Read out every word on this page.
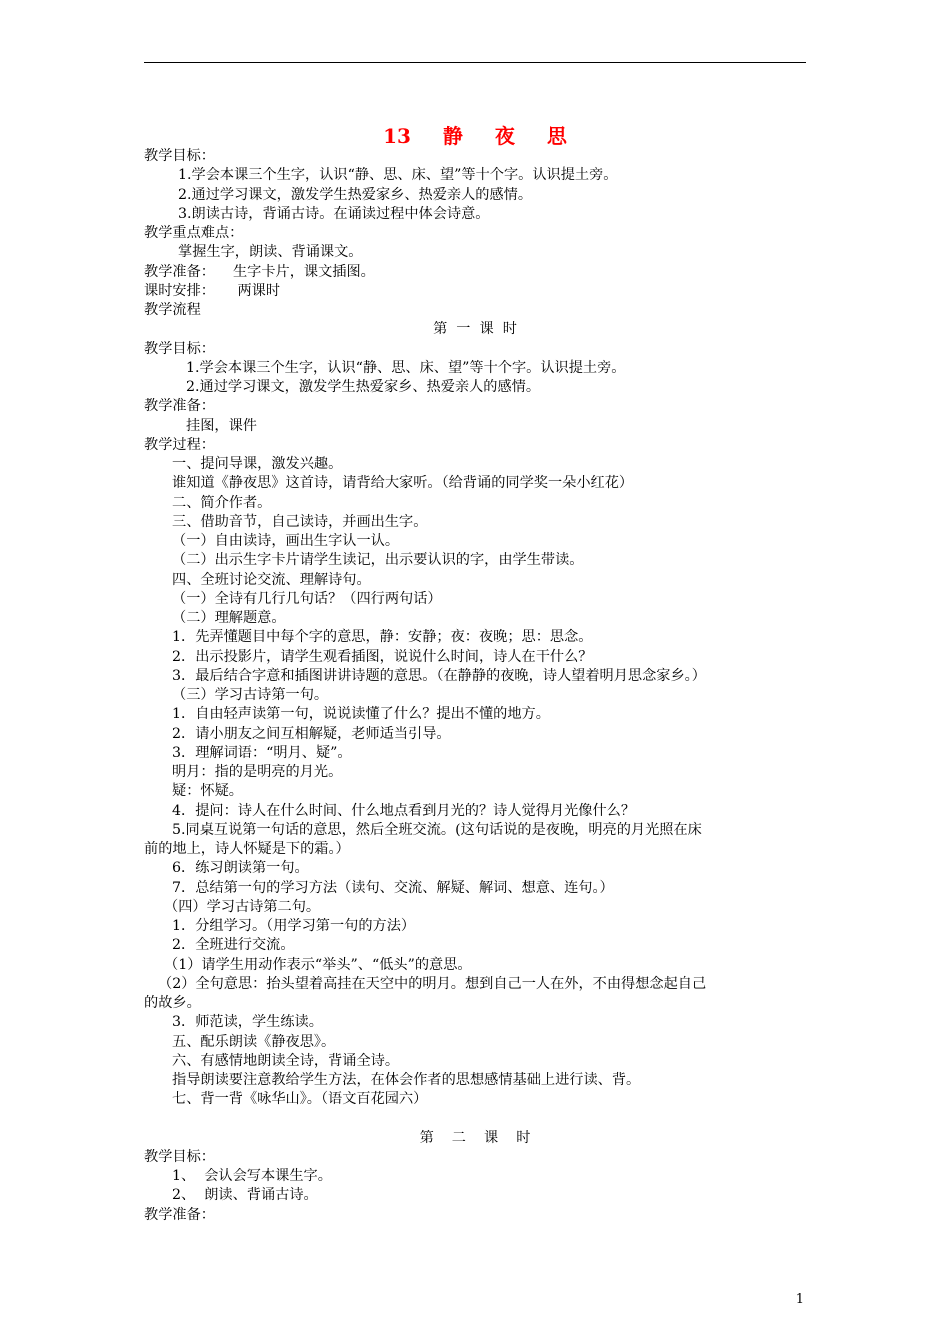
13 静 夜 思
教学目标：
1.学会本课三个生字，认识“静、思、床、望”等十个字。认识提土旁。
2.通过学习课文，激发学生热爱家乡、热爱亲人的感情。
3.朗读古诗，背诵古诗。在诵读过程中体会诗意。
教学重点难点：
掌握生字，朗读、背诵课文。
教学准备：    生字卡片，课文插图。
课时安排：     两课时
教学流程
第  一  课  时
教学目标：
1.学会本课三个生字，认识“静、思、床、望”等十个字。认识提土旁。
2.通过学习课文，激发学生热爱家乡、热爱亲人的感情。
教学准备：
挂图，课件
教学过程：
一、提问导课，激发兴趣。
谁知道《静夜思》这首诗，请背给大家听。（给背诵的同学奖一朵小红花）
二、简介作者。
三、借助音节，自己读诗，并画出生字。
（一）自由读诗，画出生字认一认。
（二）出示生字卡片请学生读记，出示要认识的字，由学生带读。
四、全班讨论交流、理解诗句。
（一）全诗有几行几句话？（四行两句话）
（二）理解题意。
1．先弄懂题目中每个字的意思，静：安静；夜：夜晚；思：思念。
2．出示投影片，请学生观看插图，说说什么时间，诗人在干什么？
3．最后结合字意和插图讲讲诗题的意思。（在静静的夜晚，诗人望着明月思念家乡。）
（三）学习古诗第一句。
1．自由轻声读第一句，说说读懂了什么？提出不懂的地方。
2．请小朋友之间互相解疑，老师适当引导。
3．理解词语：“明月、疑”。
明月：指的是明亮的月光。
疑：怀疑。
4．提问：诗人在什么时间、什么地点看到月光的？诗人觉得月光像什么？
5.同桌互说第一句话的意思，然后全班交流。(这句话说的是夜晚，明亮的月光照在床
前的地上，诗人怀疑是下的霜。）
6．练习朗读第一句。
7．总结第一句的学习方法（读句、交流、解疑、解词、想意、连句。）
（四）学习古诗第二句。
1．分组学习。（用学习第一句的方法）
2．全班进行交流。
（1）请学生用动作表示“举头”、“低头”的意思。
（2）全句意思：抬头望着高挂在天空中的明月。想到自己一人在外，不由得想念起自己
的故乡。
3．师范读，学生练读。
五、配乐朗读《静夜思》。
六、有感情地朗读全诗，背诵全诗。
指导朗读要注意教给学生方法，在体会作者的思想感情基础上进行读、背。
七、背一背《咏华山》。（语文百花园六）
第    二    课    时
教学目标：
1、  会认会写本课生字。
2、  朗读、背诵古诗。
教学准备：
1
